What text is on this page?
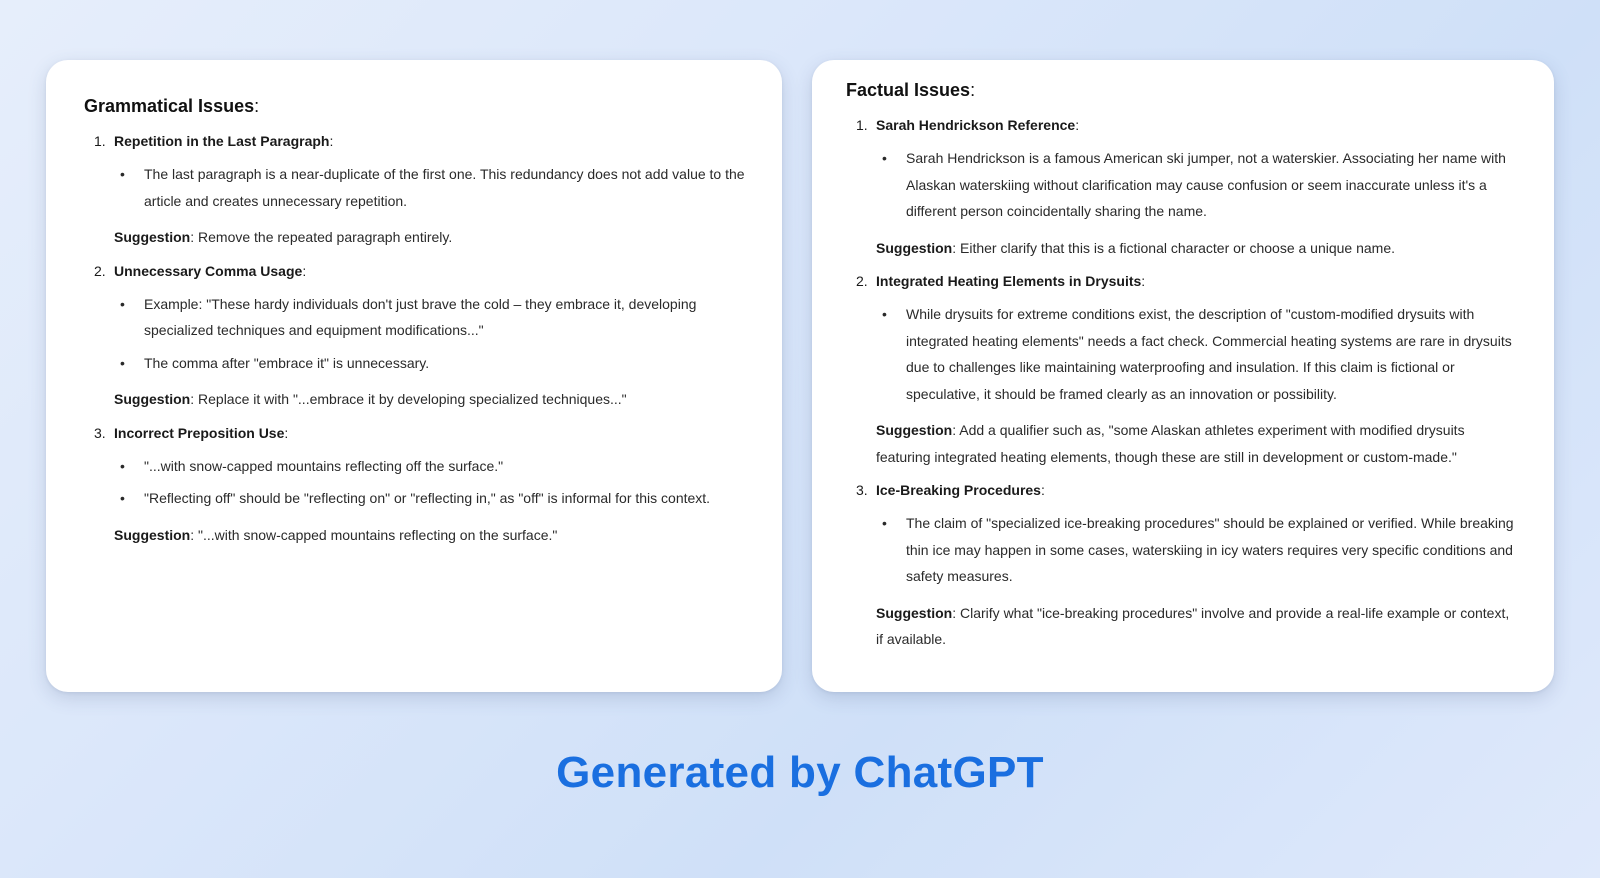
Grammatical Issues:
1. Repetition in the Last Paragraph:
•	The last paragraph is a near-duplicate of the first one. This redundancy does not add value to the article and creates unnecessary repetition.

Suggestion: Remove the repeated paragraph entirely.

2. Unnecessary Comma Usage:
•	Example: "These hardy individuals don't just brave the cold – they embrace it, developing specialized techniques and equipment modifications..."
•	The comma after "embrace it" is unnecessary.

Suggestion: Replace it with "...embrace it by developing specialized techniques..."

3. Incorrect Preposition Use:
•	"...with snow-capped mountains reflecting off the surface."
•	"Reflecting off" should be "reflecting on" or "reflecting in," as "off" is informal for this context.

Suggestion: "...with snow-capped mountains reflecting on the surface."

Factual Issues:
1. Sarah Hendrickson Reference:
•	Sarah Hendrickson is a famous American ski jumper, not a waterskier. Associating her name with Alaskan waterskiing without clarification may cause confusion or seem inaccurate unless it's a different person coincidentally sharing the name.

Suggestion: Either clarify that this is a fictional character or choose a unique name.

2. Integrated Heating Elements in Drysuits:
•	While drysuits for extreme conditions exist, the description of "custom-modified drysuits with integrated heating elements" needs a fact check. Commercial heating systems are rare in drysuits due to challenges like maintaining waterproofing and insulation. If this claim is fictional or speculative, it should be framed clearly as an innovation or possibility.

Suggestion: Add a qualifier such as, "some Alaskan athletes experiment with modified drysuits featuring integrated heating elements, though these are still in development or custom-made."

3. Ice-Breaking Procedures:
•	The claim of "specialized ice-breaking procedures" should be explained or verified. While breaking thin ice may happen in some cases, waterskiing in icy waters requires very specific conditions and safety measures.

Suggestion: Clarify what "ice-breaking procedures" involve and provide a real-life example or context, if available.

Generated by ChatGPT
